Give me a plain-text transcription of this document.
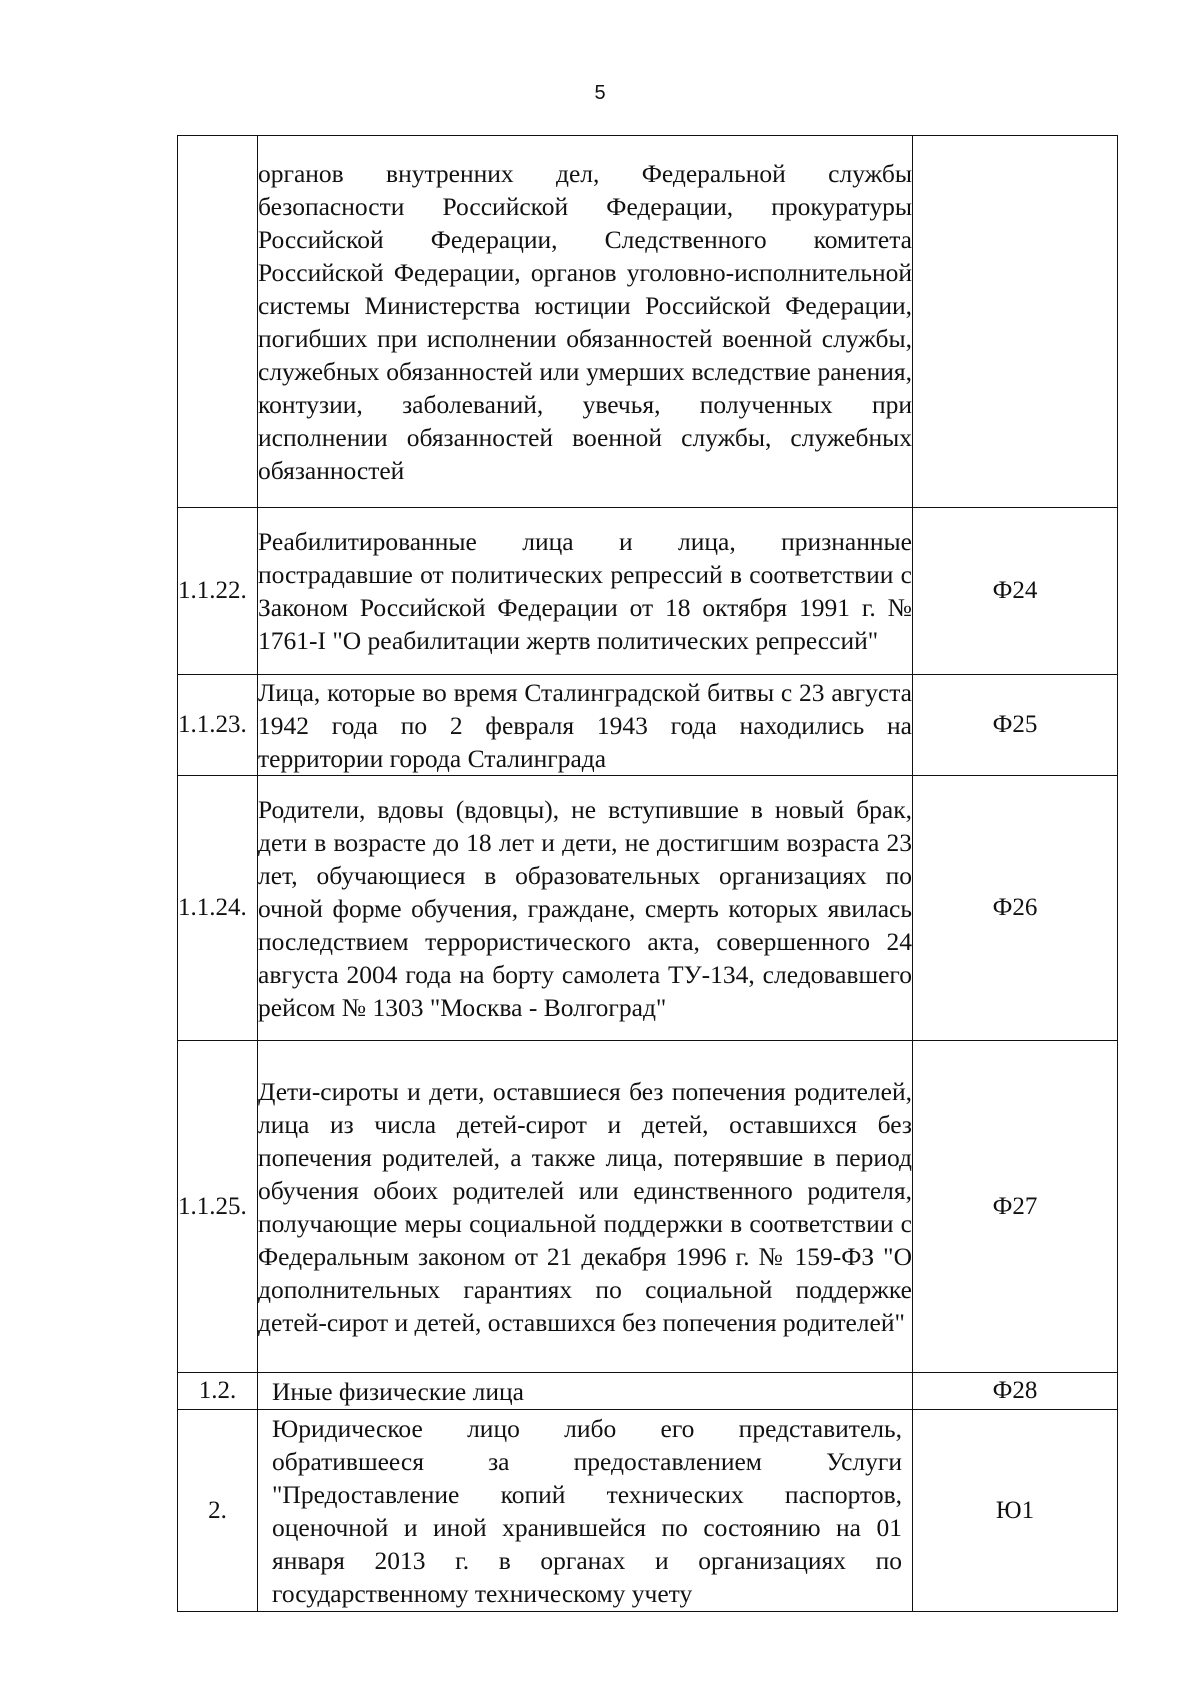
5
	органов внутренних дел, Федеральной службы безопасности Российской Федерации, прокуратуры Российской Федерации, Следственного комитета Российской Федерации, органов уголовно-исполнительной системы Министерства юстиции Российской Федерации, погибших при исполнении обязанностей военной службы, служебных обязанностей или умерших вследствие ранения, контузии, заболеваний, увечья, полученных при исполнении обязанностей военной службы, служебных обязанностей	
1.1.22.	Реабилитированные лица и лица, признанные пострадавшие от политических репрессий в соответствии с Законом Российской Федерации от 18 октября 1991 г. № 1761-I "О реабилитации жертв политических репрессий"	Ф24
1.1.23.	Лица, которые во время Сталинградской битвы с 23 августа 1942 года по 2 февраля 1943 года находились на территории города Сталинграда	Ф25
1.1.24.	Родители, вдовы (вдовцы), не вступившие в новый брак, дети в возрасте до 18 лет и дети, не достигшим возраста 23 лет, обучающиеся в образовательных организациях по очной форме обучения, граждане, смерть которых явилась последствием террористического акта, совершенного 24 августа 2004 года на борту самолета ТУ-134, следовавшего рейсом № 1303 "Москва - Волгоград"	Ф26
1.1.25.	Дети-сироты и дети, оставшиеся без попечения родителей, лица из числа детей-сирот и детей, оставшихся без попечения родителей, а также лица, потерявшие в период обучения обоих родителей или единственного родителя, получающие меры социальной поддержки в соответствии с Федеральным законом от 21 декабря 1996 г. № 159-ФЗ "О дополнительных гарантиях по социальной поддержке детей-сирот и детей, оставшихся без попечения родителей"	Ф27
1.2.	Иные физические лица	Ф28
2.	Юридическое лицо либо его представитель, обратившееся за предоставлением Услуги "Предоставление копий технических паспортов, оценочной и иной хранившейся по состоянию на 01 января 2013 г. в органах и организациях по государственному техническому учету	Ю1
